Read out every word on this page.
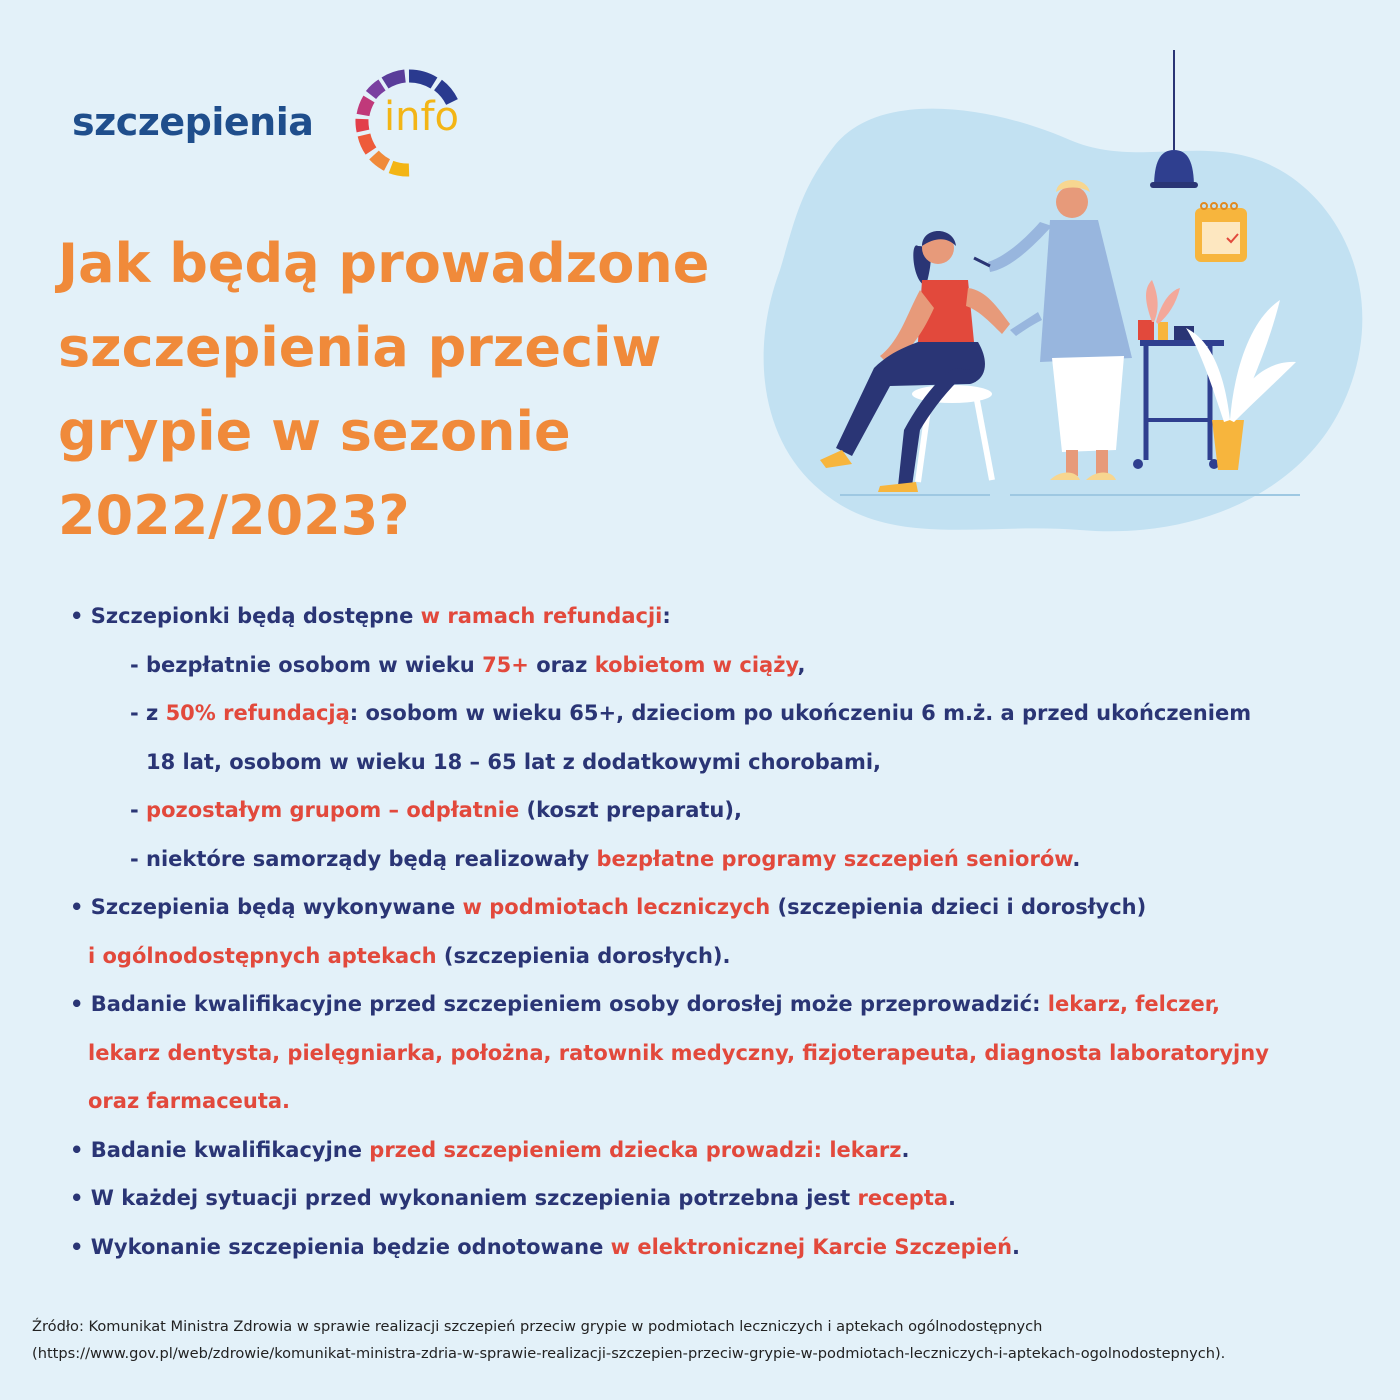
szczepienia info
Jak będą prowadzone szczepienia przeciw grypie w sezonie 2022/2023?
• Szczepionki będą dostępne w ramach refundacji:
- bezpłatnie osobom w wieku 75+ oraz kobietom w ciąży,
- z 50% refundacją: osobom w wieku 65+, dzieciom po ukończeniu 6 m.ż. a przed ukończeniem
18 lat, osobom w wieku 18 – 65 lat z dodatkowymi chorobami,
- pozostałym grupom – odpłatnie (koszt preparatu),
- niektóre samorządy będą realizowały bezpłatne programy szczepień seniorów.
• Szczepienia będą wykonywane w podmiotach leczniczych (szczepienia dzieci i dorosłych)
i ogólnodostępnych aptekach (szczepienia dorosłych).
• Badanie kwalifikacyjne przed szczepieniem osoby dorosłej może przeprowadzić: lekarz, felczer,
lekarz dentysta, pielęgniarka, położna, ratownik medyczny, fizjoterapeuta, diagnosta laboratoryjny
oraz farmaceuta.
• Badanie kwalifikacyjne przed szczepieniem dziecka prowadzi: lekarz.
• W każdej sytuacji przed wykonaniem szczepienia potrzebna jest recepta.
• Wykonanie szczepienia będzie odnotowane w elektronicznej Karcie Szczepień.
Źródło: Komunikat Ministra Zdrowia w sprawie realizacji szczepień przeciw grypie w podmiotach leczniczych i aptekach ogólnodostępnych
(https://www.gov.pl/web/zdrowie/komunikat-ministra-zdria-w-sprawie-realizacji-szczepien-przeciw-grypie-w-podmiotach-leczniczych-i-aptekach-ogolnodostepnych).
